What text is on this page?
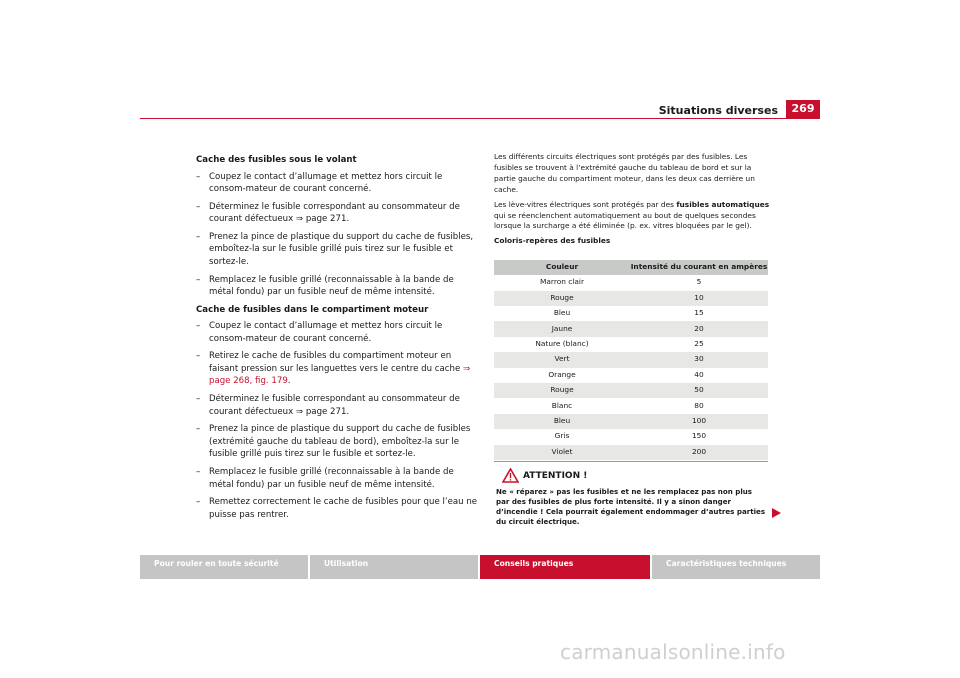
Situations diverses	269
Cache des fusibles sous le volant
– Coupez le contact d’allumage et mettez hors circuit le consom-mateur de courant concerné.
– Déterminez le fusible correspondant au consommateur de courant défectueux ⇒ page 271.
– Prenez la pince de plastique du support du cache de fusibles, emboîtez-la sur le fusible grillé puis tirez sur le fusible et sortez-le.
– Remplacez le fusible grillé (reconnaissable à la bande de métal fondu) par un fusible neuf de même intensité.
Cache de fusibles dans le compartiment moteur
– Coupez le contact d’allumage et mettez hors circuit le consom-mateur de courant concerné.
– Retirez le cache de fusibles du compartiment moteur en faisant pression sur les languettes vers le centre du cache ⇒ page 268, fig. 179.
– Déterminez le fusible correspondant au consommateur de courant défectueux ⇒ page 271.
– Prenez la pince de plastique du support du cache de fusibles (extrémité gauche du tableau de bord), emboîtez-la sur le fusible grillé puis tirez sur le fusible et sortez-le.
– Remplacez le fusible grillé (reconnaissable à la bande de métal fondu) par un fusible neuf de même intensité.
– Remettez correctement le cache de fusibles pour que l’eau ne puisse pas rentrer.

Les différents circuits électriques sont protégés par des fusibles. Les fusibles se trouvent à l’extrémité gauche du tableau de bord et sur la partie gauche du compartiment moteur, dans les deux cas derrière un cache.

Les lève-vitres électriques sont protégés par des fusibles automatiques qui se réenclenchent automatiquement au bout de quelques secondes lorsque la surcharge a été éliminée (p. ex. vitres bloquées par le gel).

Coloris-repères des fusibles
Couleur	Intensité du courant en ampères
Marron clair	5
Rouge	10
Bleu	15
Jaune	20
Nature (blanc)	25
Vert	30
Orange	40
Rouge	50
Blanc	80
Bleu	100
Gris	150
Violet	200
ATTENTION !
Ne « réparez » pas les fusibles et ne les remplacez pas non plus par des fusibles de plus forte intensité. Il y a sinon danger d’incendie ! Cela pourrait également endommager d’autres parties du circuit électrique.
Pour rouler en toute sécurité	Utilisation	Conseils pratiques	Caractéristiques techniques
carmanualsonline.info
